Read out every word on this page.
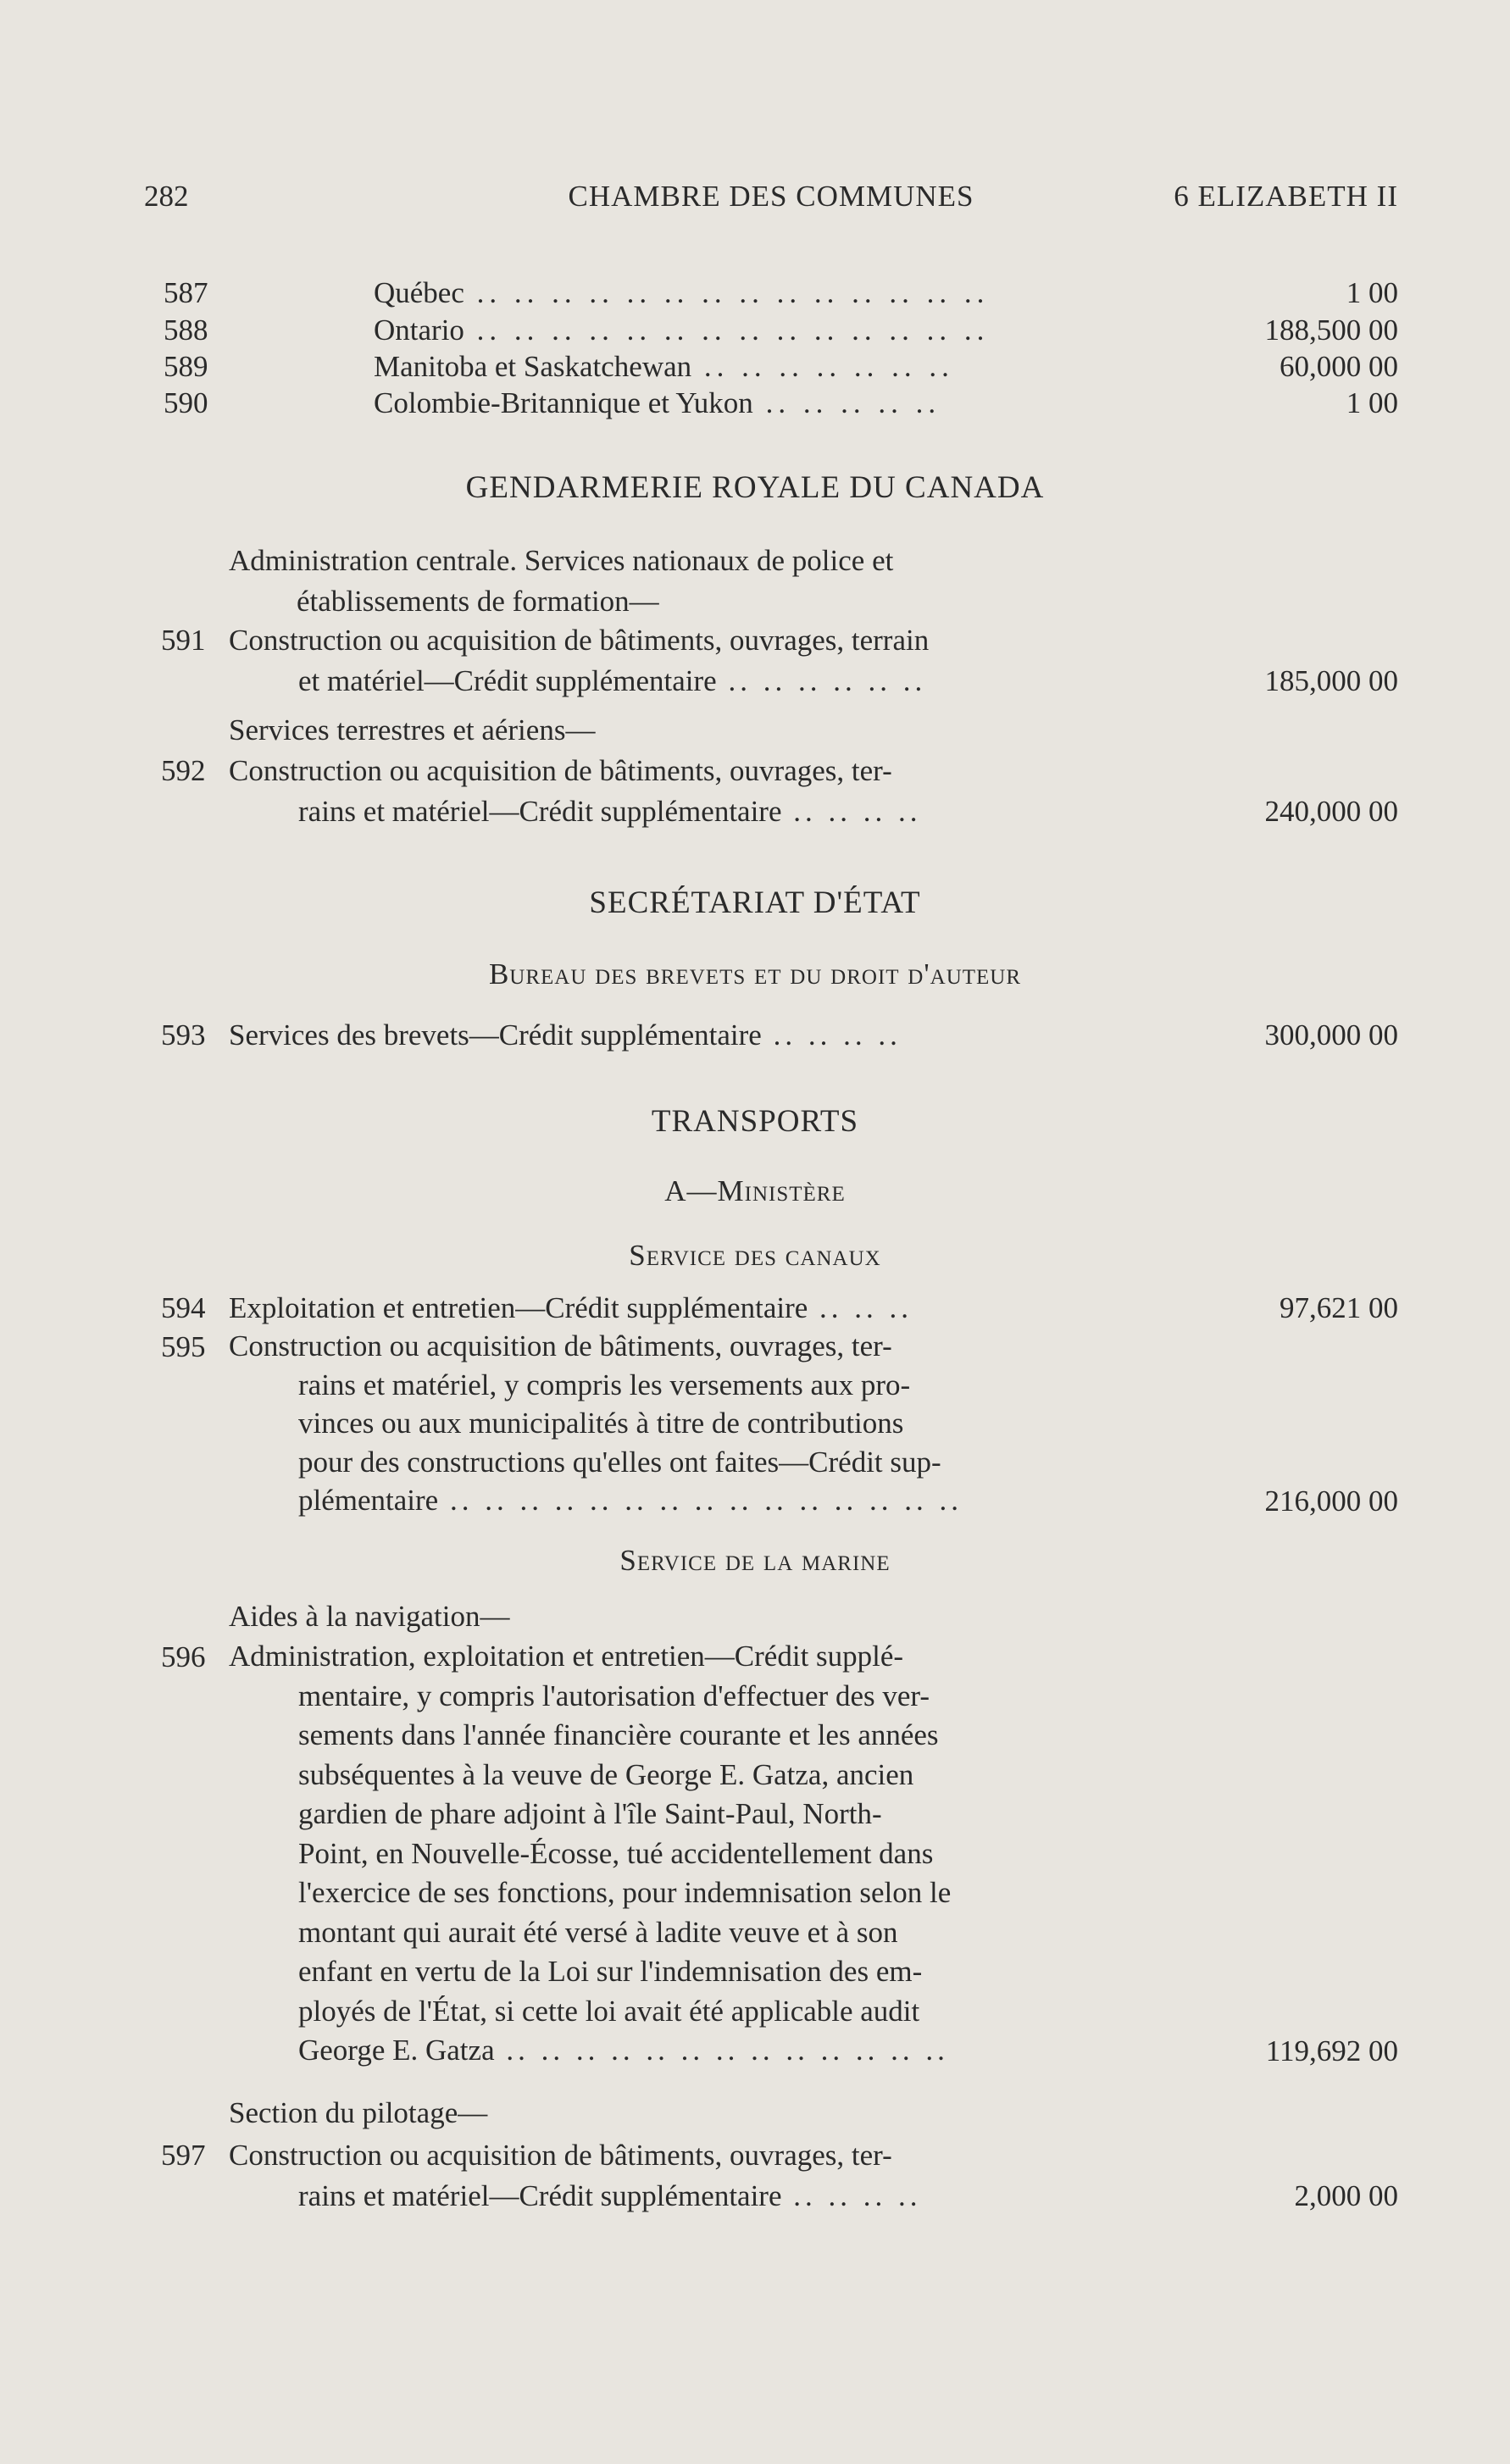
282	CHAMBRE DES COMMUNES	6 ELIZABETH II
587	Québec .. .. .. .. .. .. .. .. .. .. .. .. .. ..	1 00
588	Ontario .. .. .. .. .. .. .. .. .. .. .. .. .. ..	188,500 00
589	Manitoba et Saskatchewan .. .. .. .. .. .. ..	60,000 00
590	Colombie-Britannique et Yukon .. .. .. .. ..	1 00
GENDARMERIE ROYALE DU CANADA
Administration centrale. Services nationaux de police et
établissements de formation—
591 Construction ou acquisition de bâtiments, ouvrages, terrain
et matériel—Crédit supplémentaire .. .. .. .. .. ..	185,000 00
Services terrestres et aériens—
592 Construction ou acquisition de bâtiments, ouvrages, ter-
rains et matériel—Crédit supplémentaire .. .. .. ..	240,000 00
SECRÉTARIAT D'ÉTAT
Bureau des brevets et du droit d'auteur
593 Services des brevets—Crédit supplémentaire .. .. .. ..	300,000 00
TRANSPORTS
A—Ministère
Service des canaux
594 Exploitation et entretien—Crédit supplémentaire .. .. ..	97,621 00
595 Construction ou acquisition de bâtiments, ouvrages, ter-
rains et matériel, y compris les versements aux pro-
vinces ou aux municipalités à titre de contributions
pour des constructions qu'elles ont faites—Crédit sup-
plémentaire .. .. .. .. .. .. .. .. .. .. .. .. .. .. ..	216,000 00
Service de la marine
Aides à la navigation—
596 Administration, exploitation et entretien—Crédit supplé-
mentaire, y compris l'autorisation d'effectuer des ver-
sements dans l'année financière courante et les années
subséquentes à la veuve de George E. Gatza, ancien
gardien de phare adjoint à l'île Saint-Paul, North-
Point, en Nouvelle-Écosse, tué accidentellement dans
l'exercice de ses fonctions, pour indemnisation selon le
montant qui aurait été versé à ladite veuve et à son
enfant en vertu de la Loi sur l'indemnisation des em-
ployés de l'État, si cette loi avait été applicable audit
George E. Gatza .. .. .. .. .. .. .. .. .. .. .. .. ..	119,692 00
Section du pilotage—
597 Construction ou acquisition de bâtiments, ouvrages, ter-
rains et matériel—Crédit supplémentaire .. .. .. ..	2,000 00
